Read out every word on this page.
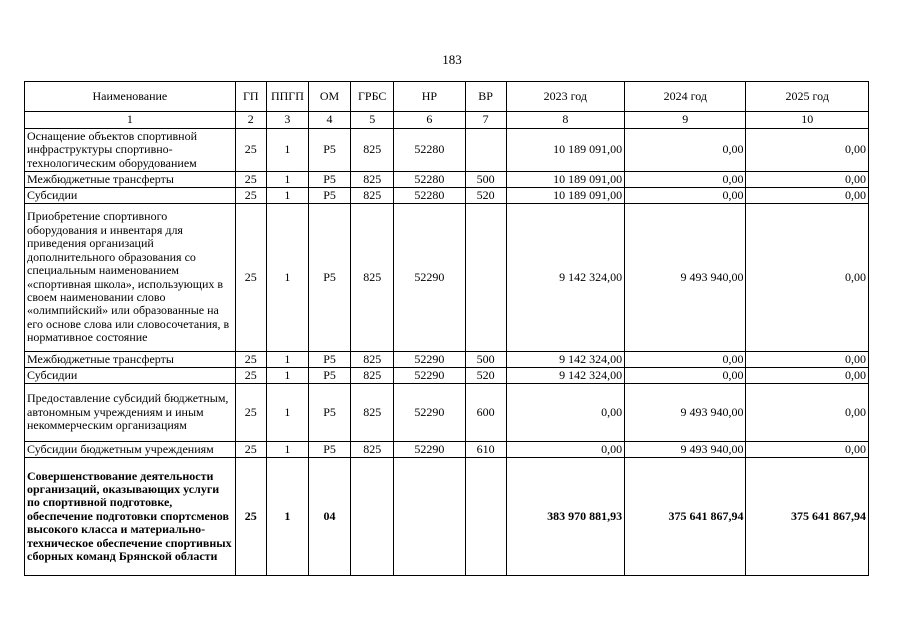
183
Наименование	ГП	ППГП	ОМ	ГРБС	НР	ВР	2023 год	2024 год	2025 год
1	2	3	4	5	6	7	8	9	10
Оснащение объектов спортивной инфраструктуры спортивно-технологическим оборудованием	25	1	P5	825	52280		10 189 091,00	0,00	0,00
Межбюджетные трансферты	25	1	P5	825	52280	500	10 189 091,00	0,00	0,00
Субсидии	25	1	P5	825	52280	520	10 189 091,00	0,00	0,00
Приобретение спортивного оборудования и инвентаря для приведения организаций дополнительного образования со специальным наименованием «спортивная школа», использующих в своем наименовании слово «олимпийский» или образованные на его основе слова или словосочетания, в нормативное состояние	25	1	P5	825	52290		9 142 324,00	9 493 940,00	0,00
Межбюджетные трансферты	25	1	P5	825	52290	500	9 142 324,00	0,00	0,00
Субсидии	25	1	P5	825	52290	520	9 142 324,00	0,00	0,00
Предоставление субсидий бюджетным, автономным учреждениям и иным некоммерческим организациям	25	1	P5	825	52290	600	0,00	9 493 940,00	0,00
Субсидии бюджетным учреждениям	25	1	P5	825	52290	610	0,00	9 493 940,00	0,00
Совершенствование деятельности организаций, оказывающих услуги по спортивной подготовке, обеспечение подготовки спортсменов высокого класса и материально-техническое обеспечение спортивных сборных команд Брянской области	25	1	04				383 970 881,93	375 641 867,94	375 641 867,94
